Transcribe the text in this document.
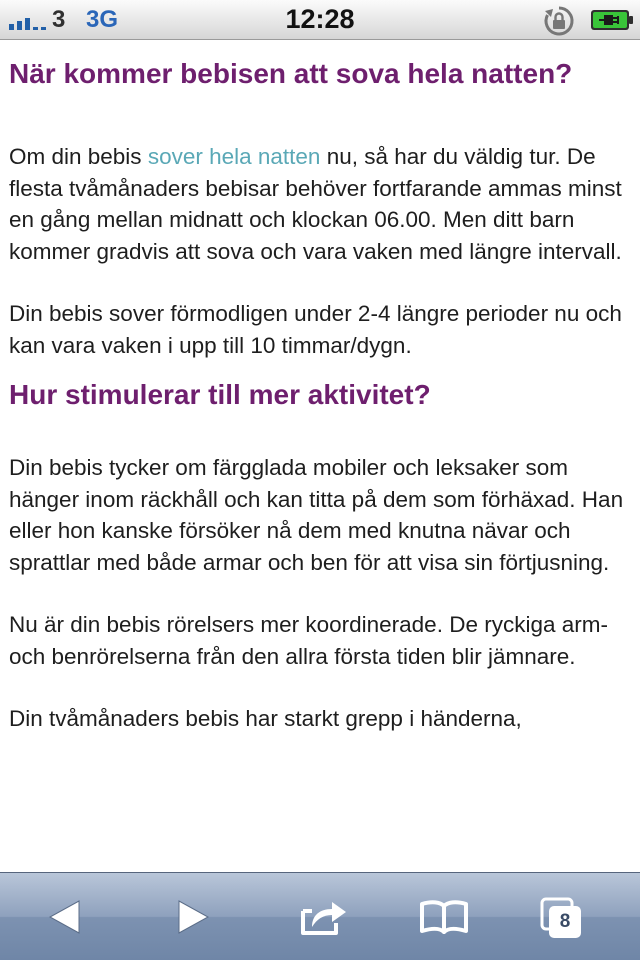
3 3G	12:28
När kommer bebisen att sova hela natten?

Om din bebis sover hela natten nu, så har du väldig tur. De flesta tvåmånaders bebisar behöver fortfarande ammas minst en gång mellan midnatt och klockan 06.00. Men ditt barn kommer gradvis att sova och vara vaken med längre intervall.

Din bebis sover förmodligen under 2-4 längre perioder nu och kan vara vaken i upp till 10 timmar/dygn.

Hur stimulerar till mer aktivitet?

Din bebis tycker om färgglada mobiler och leksaker som hänger inom räckhåll och kan titta på dem som förhäxad. Han eller hon kanske försöker nå dem med knutna nävar och sprattlar med både armar och ben för att visa sin förtjusning.

Nu är din bebis rörelsers mer koordinerade. De ryckiga arm- och benrörelserna från den allra första tiden blir jämnare.

Din tvåmånaders bebis har starkt grepp i händerna,

8
